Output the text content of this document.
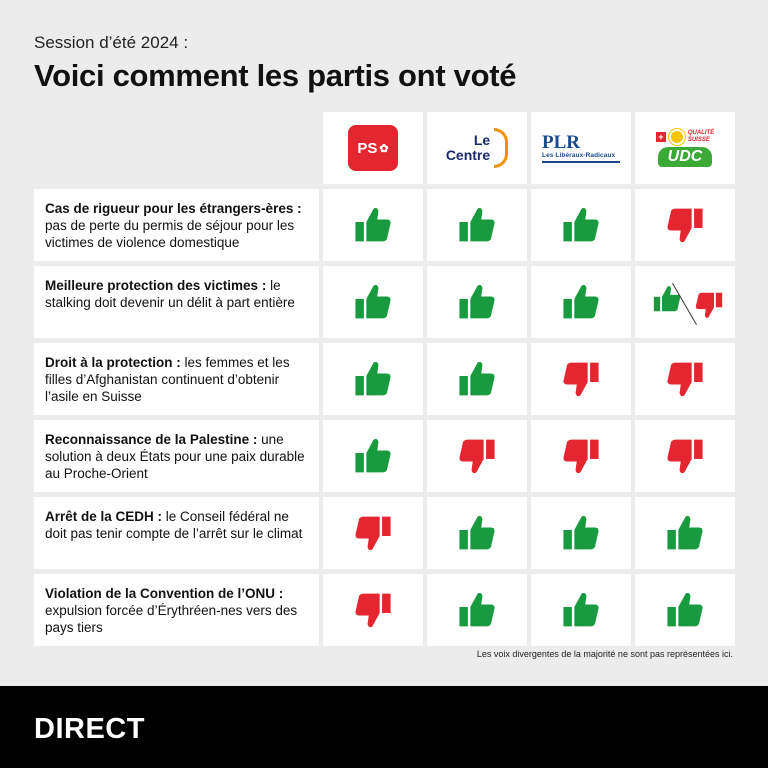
Session d’été 2024 :
Voici comment les partis ont voté
PS ✿
Le
Centre
PLR
Les Libéraux-Radicaux
+	QUALITÉ
SUISSE
UDC
Cas de rigueur pour les étrangers-ères : pas de perte du permis de séjour pour les victimes de violence domestique
Meilleure protection des victimes : le stalking doit devenir un délit à part entière
Droit à la protection : les femmes et les filles d’Afghanistan continuent d’obtenir l’asile en Suisse
Reconnaissance de la Palestine : une solution à deux États pour une paix durable au Proche-Orient
Arrêt de la CEDH : le Conseil fédéral ne doit pas tenir compte de l’arrêt sur le climat
Violation de la Convention de l’ONU : expulsion forcée d’Érythréen-nes vers des pays tiers
Les voix divergentes de la majorité ne sont pas représentées ici.
DIRECT
